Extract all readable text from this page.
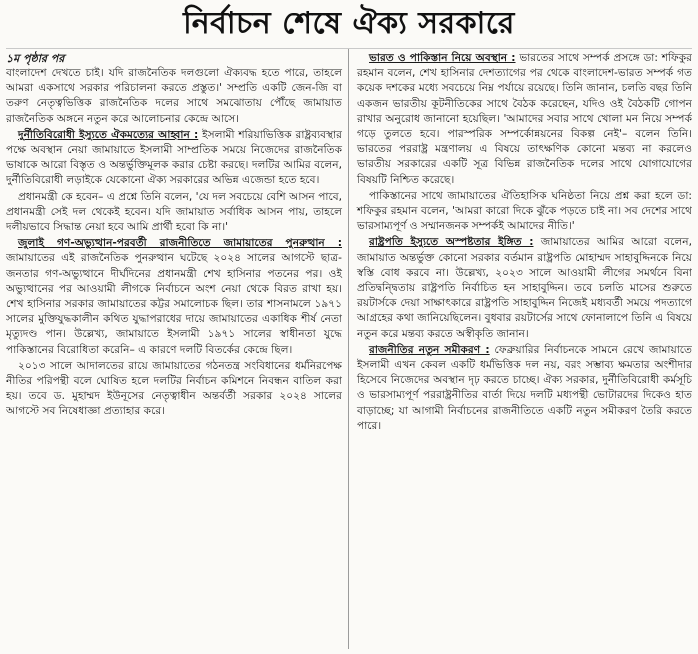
নির্বাচন শেষে ঐক্য সরকারে
১ম পৃষ্ঠার পর

বাংলাদেশ দেখতে চাই। যদি রাজনৈতিক দলগুলো ঐক্যবদ্ধ হতে পারে, তাহলে আমরা একসাথে সরকার পরিচালনা করতে প্রস্তুত।' সম্প্রতি একটি জেন-জি বা তরুণ নেতৃত্বভিত্তিক রাজনৈতিক দলের সাথে সমঝোতায় পৌঁছে জামায়াত রাজনৈতিক অঙ্গনে নতুন করে আলোচনার কেন্দ্রে আসে।

দুর্নীতিবিরোধী ইস্যুতে ঐকমত্যের আহ্বান : ইসলামী শরিয়াভিত্তিক রাষ্ট্রব্যবস্থার পক্ষে অবস্থান নেয়া জামায়াতে ইসলামী সাম্প্রতিক সময়ে নিজেদের রাজনৈতিক ভাষাকে আরো বিস্তৃত ও অন্তর্ভুক্তিমূলক করার চেষ্টা করছে। দলটির আমির বলেন, দুর্নীতিবিরোধী লড়াইকে যেকোনো ঐক্য সরকারের অভিন্ন এজেন্ডা হতে হবে।

প্রধানমন্ত্রী কে হবেন– এ প্রশ্নে তিনি বলেন, 'যে দল সবচেয়ে বেশি আসন পাবে, প্রধানমন্ত্রী সেই দল থেকেই হবেন। যদি জামায়াত সর্বাধিক আসন পায়, তাহলে দলীয়ভাবে সিদ্ধান্ত নেয়া হবে আমি প্রার্থী হবো কি না।'

জুলাই গণ-অভ্যুত্থান-পরবর্তী রাজনীতিতে জামায়াতের পুনরুত্থান : জামায়াতের এই রাজনৈতিক পুনরুত্থান ঘটেছে ২০২৪ সালের আগস্টে ছাত্র-জনতার গণ-অভ্যুত্থানে দীর্ঘদিনের প্রধানমন্ত্রী শেখ হাসিনার পতনের পর। ওই অভ্যুত্থানের পর আওয়ামী লীগকে নির্বাচনে অংশ নেয়া থেকে বিরত রাখা হয়। শেখ হাসিনার সরকার জামায়াতের কট্টর সমালোচক ছিল। তার শাসনামলে ১৯৭১ সালের মুক্তিযুদ্ধকালীন কথিত যুদ্ধাপরাধের দায়ে জামায়াতের একাধিক শীর্ষ নেতা মৃত্যুদণ্ড পান। উল্লেখ্য, জামায়াতে ইসলামী ১৯৭১ সালের স্বাধীনতা যুদ্ধে পাকিস্তানের বিরোধিতা করেনি– এ কারণে দলটি বিতর্কের কেন্দ্রে ছিল।

২০১৩ সালে আদালতের রায়ে জামায়াতের গঠনতন্ত্র সংবিধানের ধর্মনিরপেক্ষ নীতির পরিপন্থী বলে ঘোষিত হলে দলটির নির্বাচন কমিশনে নিবন্ধন বাতিল করা হয়। তবে ড. মুহাম্মদ ইউনূসের নেতৃত্বাধীন অন্তর্বর্তী সরকার ২০২৪ সালের আগস্টে সব নিষেধাজ্ঞা প্রত্যাহার করে।

ভারত ও পাকিস্তান নিয়ে অবস্থান : ভারতের সাথে সম্পর্ক প্রসঙ্গে ডা: শফিকুর রহমান বলেন, শেখ হাসিনার দেশত্যাগের পর থেকে বাংলাদেশ-ভারত সম্পর্ক গত কয়েক দশকের মধ্যে সবচেয়ে নিম্ন পর্যায়ে রয়েছে। তিনি জানান, চলতি বছর তিনি একজন ভারতীয় কূটনীতিকের সাথে বৈঠক করেছেন, যদিও ওই বৈঠকটি গোপন রাখার অনুরোধ জানানো হয়েছিল। 'আমাদের সবার সাথে খোলা মন নিয়ে সম্পর্ক গড়ে তুলতে হবে। পারস্পরিক সম্পর্কোন্নয়নের বিকল্প নেই'– বলেন তিনি। ভারতের পররাষ্ট্র মন্ত্রণালয় এ বিষয়ে তাৎক্ষণিক কোনো মন্তব্য না করলেও ভারতীয় সরকারের একটি সূত্র বিভিন্ন রাজনৈতিক দলের সাথে যোগাযোগের বিষয়টি নিশ্চিত করেছে।

পাকিস্তানের সাথে জামায়াতের ঐতিহাসিক ঘনিষ্ঠতা নিয়ে প্রশ্ন করা হলে ডা: শফিকুর রহমান বলেন, 'আমরা কারো দিকে ঝুঁকে পড়তে চাই না। সব দেশের সাথে ভারসাম্যপূর্ণ ও সম্মানজনক সম্পর্কই আমাদের নীতি।'

রাষ্ট্রপতি ইস্যুতে অস্পষ্টতার ইঙ্গিত : জামায়াতের আমির আরো বলেন, জামায়াত অন্তর্ভুক্ত কোনো সরকার বর্তমান রাষ্ট্রপতি মোহাম্মদ সাহাবুদ্দিনকে নিয়ে স্বস্তি বোধ করবে না। উল্লেখ্য, ২০২৩ সালে আওয়ামী লীগের সমর্থনে বিনা প্রতিদ্বন্দ্বিতায় রাষ্ট্রপতি নির্বাচিত হন সাহাবুদ্দিন। তবে চলতি মাসের শুরুতে রয়টার্সকে দেয়া সাক্ষাৎকারে রাষ্ট্রপতি সাহাবুদ্দিন নিজেই মধ্যবর্তী সময়ে পদত্যাগে আগ্রহের কথা জানিয়েছিলেন। বুধবার রয়টার্সের সাথে ফোনালাপে তিনি এ বিষয়ে নতুন করে মন্তব্য করতে অস্বীকৃতি জানান।

রাজনীতির নতুন সমীকরণ : ফেব্রুয়ারির নির্বাচনকে সামনে রেখে জামায়াতে ইসলামী এখন কেবল একটি ধর্মভিত্তিক দল নয়, বরং সম্ভাব্য ক্ষমতার অংশীদার হিসেবে নিজেদের অবস্থান দৃঢ় করতে চাচ্ছে। ঐক্য সরকার, দুর্নীতিবিরোধী কর্মসূচি ও ভারসাম্যপূর্ণ পররাষ্ট্রনীতির বার্তা দিয়ে দলটি মধ্যপন্থী ভোটারদের দিকেও হাত বাড়াচ্ছে; যা আগামী নির্বাচনের রাজনীতিতে একটি নতুন সমীকরণ তৈরি করতে পারে।
